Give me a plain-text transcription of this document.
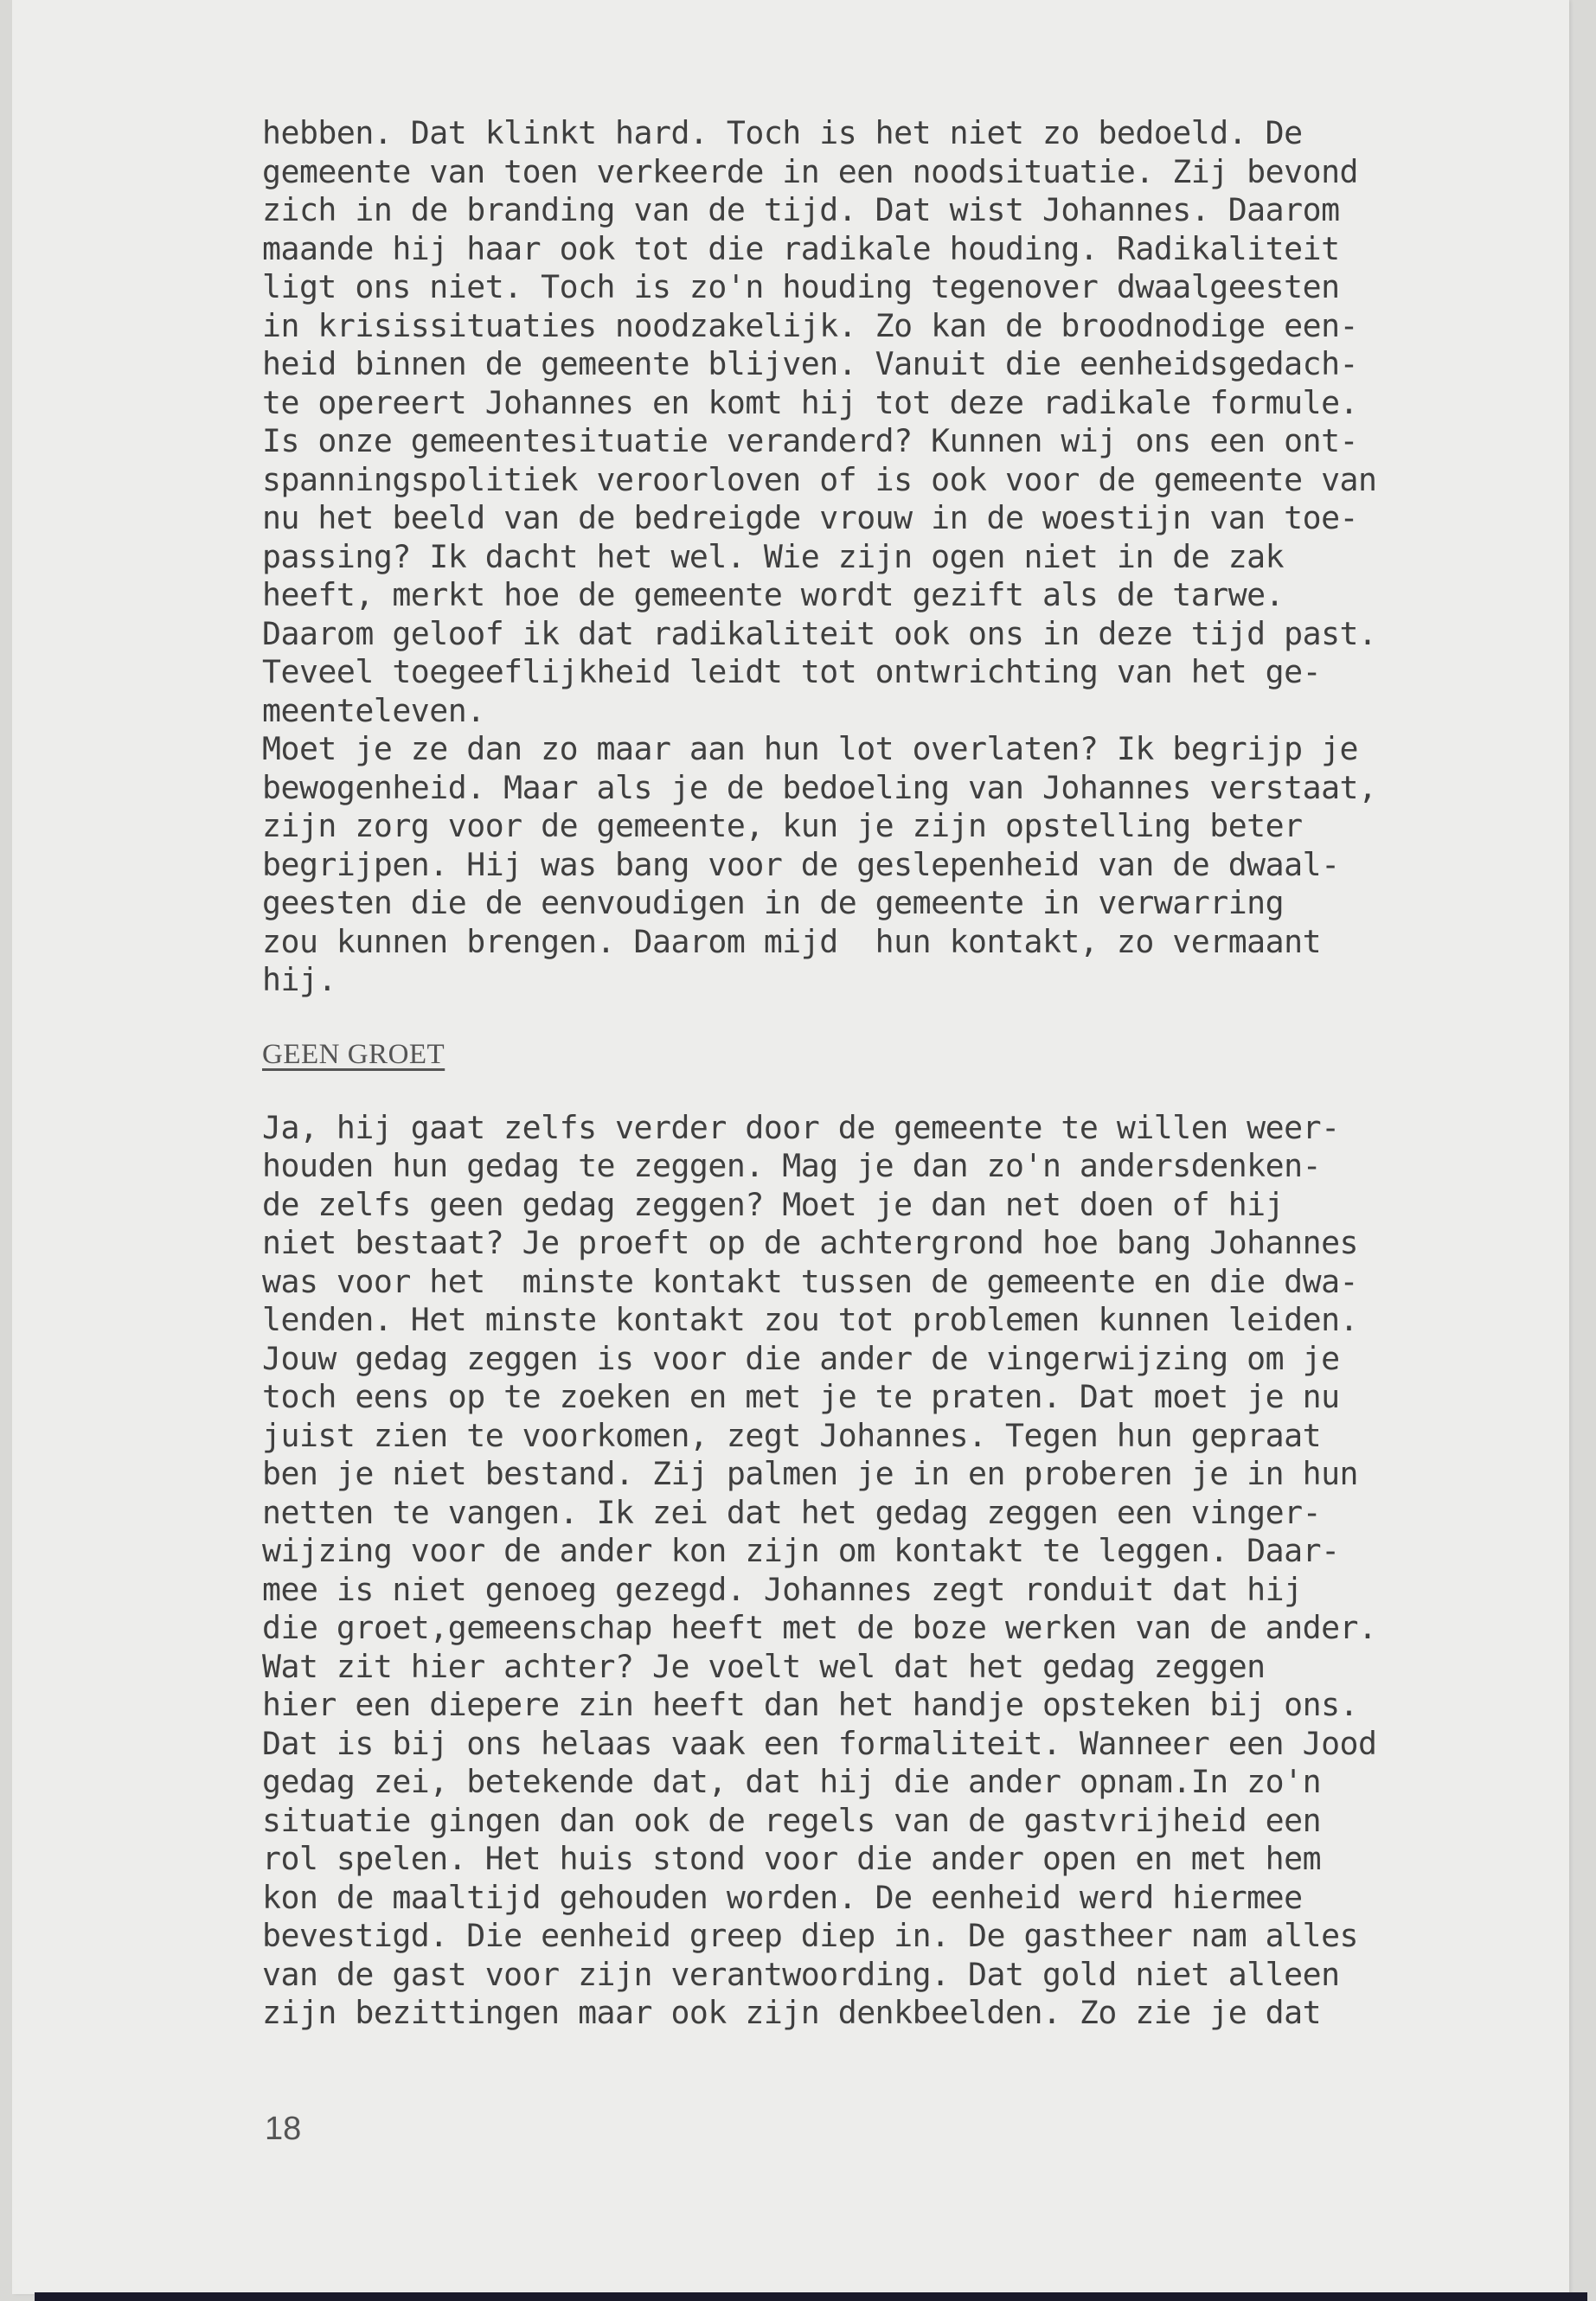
hebben. Dat klinkt hard. Toch is het niet zo bedoeld. De
gemeente van toen verkeerde in een noodsituatie. Zij bevond
zich in de branding van de tijd. Dat wist Johannes. Daarom
maande hij haar ook tot die radikale houding. Radikaliteit
ligt ons niet. Toch is zo'n houding tegenover dwaalgeesten
in krisissituaties noodzakelijk. Zo kan de broodnodige een-
heid binnen de gemeente blijven. Vanuit die eenheidsgedach-
te opereert Johannes en komt hij tot deze radikale formule.
Is onze gemeentesituatie veranderd? Kunnen wij ons een ont-
spanningspolitiek veroorloven of is ook voor de gemeente van
nu het beeld van de bedreigde vrouw in de woestijn van toe-
passing? Ik dacht het wel. Wie zijn ogen niet in de zak
heeft, merkt hoe de gemeente wordt gezift als de tarwe.
Daarom geloof ik dat radikaliteit ook ons in deze tijd past.
Teveel toegeeflijkheid leidt tot ontwrichting van het ge-
meenteleven.
Moet je ze dan zo maar aan hun lot overlaten? Ik begrijp je
bewogenheid. Maar als je de bedoeling van Johannes verstaat,
zijn zorg voor de gemeente, kun je zijn opstelling beter
begrijpen. Hij was bang voor de geslepenheid van de dwaal-
geesten die de eenvoudigen in de gemeente in verwarring
zou kunnen brengen. Daarom mijd  hun kontakt, zo vermaant
hij.
GEEN GROET
Ja, hij gaat zelfs verder door de gemeente te willen weer-
houden hun gedag te zeggen. Mag je dan zo'n andersdenken-
de zelfs geen gedag zeggen? Moet je dan net doen of hij
niet bestaat? Je proeft op de achtergrond hoe bang Johannes
was voor het  minste kontakt tussen de gemeente en die dwa-
lenden. Het minste kontakt zou tot problemen kunnen leiden.
Jouw gedag zeggen is voor die ander de vingerwijzing om je
toch eens op te zoeken en met je te praten. Dat moet je nu
juist zien te voorkomen, zegt Johannes. Tegen hun gepraat
ben je niet bestand. Zij palmen je in en proberen je in hun
netten te vangen. Ik zei dat het gedag zeggen een vinger-
wijzing voor de ander kon zijn om kontakt te leggen. Daar-
mee is niet genoeg gezegd. Johannes zegt ronduit dat hij
die groet,gemeenschap heeft met de boze werken van de ander.
Wat zit hier achter? Je voelt wel dat het gedag zeggen
hier een diepere zin heeft dan het handje opsteken bij ons.
Dat is bij ons helaas vaak een formaliteit. Wanneer een Jood
gedag zei, betekende dat, dat hij die ander opnam.In zo'n
situatie gingen dan ook de regels van de gastvrijheid een
rol spelen. Het huis stond voor die ander open en met hem
kon de maaltijd gehouden worden. De eenheid werd hiermee
bevestigd. Die eenheid greep diep in. De gastheer nam alles
van de gast voor zijn verantwoording. Dat gold niet alleen
zijn bezittingen maar ook zijn denkbeelden. Zo zie je dat
18
